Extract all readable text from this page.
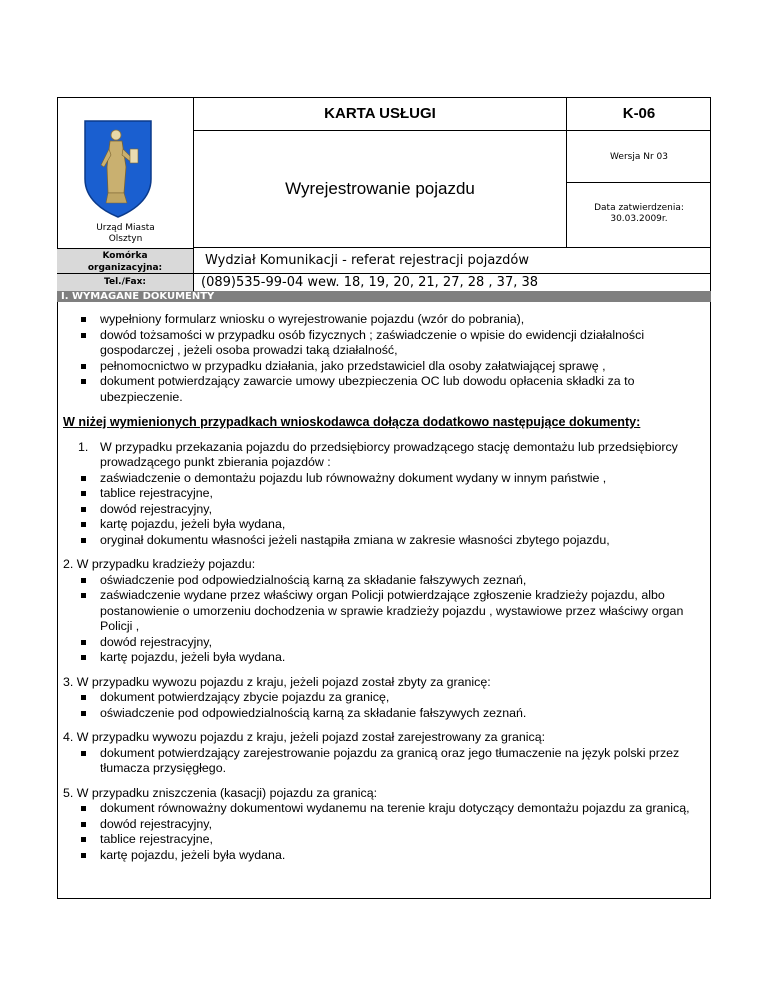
Urząd Miasta
Olsztyn
KARTA USŁUGI	K-06
Wyrejestrowanie pojazdu
Wersja Nr 03
Data zatwierdzenia:
30.03.2009r.
Komórka
organizacyjna:	Wydział Komunikacji - referat rejestracji pojazdów
Tel./Fax:	(089)535-99-04 wew. 18, 19, 20, 21, 27, 28 , 37, 38
I. WYMAGANE DOKUMENTY
wypełniony formularz wniosku o wyrejestrowanie pojazdu (wzór do pobrania),
dowód tożsamości w przypadku osób fizycznych ; zaświadczenie o wpisie do ewidencji działalności gospodarczej , jeżeli osoba prowadzi taką działalność,
pełnomocnictwo w przypadku działania, jako przedstawiciel dla osoby załatwiającej sprawę ,
dokument potwierdzający zawarcie umowy ubezpieczenia OC lub dowodu opłacenia składki za to ubezpieczenie.
W niżej wymienionych przypadkach wnioskodawca dołącza dodatkowo następujące dokumenty:
1. W przypadku przekazania pojazdu do przedsiębiorcy prowadzącego stację demontażu lub przedsiębiorcy prowadzącego punkt zbierania pojazdów :
zaświadczenie o demontażu pojazdu lub równoważny dokument wydany w innym państwie ,
tablice rejestracyjne,
dowód rejestracyjny,
kartę pojazdu, jeżeli była wydana,
oryginał dokumentu własności jeżeli nastąpiła zmiana w zakresie własności zbytego pojazdu,
2. W przypadku kradzieży pojazdu:
oświadczenie pod odpowiedzialnością karną za składanie fałszywych zeznań,
zaświadczenie wydane przez właściwy organ Policji potwierdzające zgłoszenie kradzieży pojazdu, albo postanowienie o umorzeniu dochodzenia w sprawie kradzieży pojazdu , wystawiowe przez właściwy organ Policji ,
dowód rejestracyjny,
kartę pojazdu, jeżeli była wydana.
3. W przypadku wywozu pojazdu z kraju, jeżeli pojazd został zbyty za granicę:
dokument potwierdzający zbycie pojazdu za granicę,
oświadczenie pod odpowiedzialnością karną za składanie fałszywych zeznań.
4. W przypadku wywozu pojazdu z kraju, jeżeli pojazd został zarejestrowany za granicą:
dokument potwierdzający zarejestrowanie pojazdu za granicą oraz jego tłumaczenie na język polski przez tłumacza przysięgłego.
5. W przypadku zniszczenia (kasacji) pojazdu za granicą:
dokument równoważny dokumentowi wydanemu na terenie kraju dotyczący demontażu pojazdu za granicą,
dowód rejestracyjny,
tablice rejestracyjne,
kartę pojazdu, jeżeli była wydana.
